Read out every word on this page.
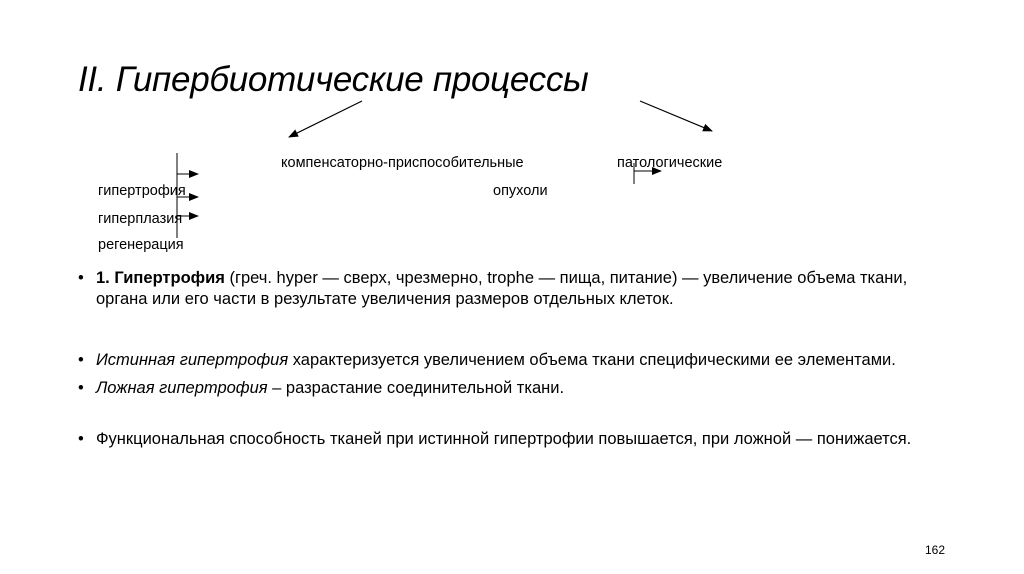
II. Гипербиотические процессы
компенсаторно-приспособительные	патологические
гипертрофия
гиперплазия
регенерация
опухоли
• 1. Гипертрофия (греч. hyper — сверх, чрезмерно, trophe — пища, питание) — увеличение объема ткани, органа или его части в результате увеличения размеров отдельных клеток.
• Истинная гипертрофия характеризуется увеличением объема ткани специфическими ее элементами.
• Ложная гипертрофия – разрастание соединительной ткани.
• Функциональная способность тканей при истинной гипертрофии повышается, при ложной — понижается.
162
